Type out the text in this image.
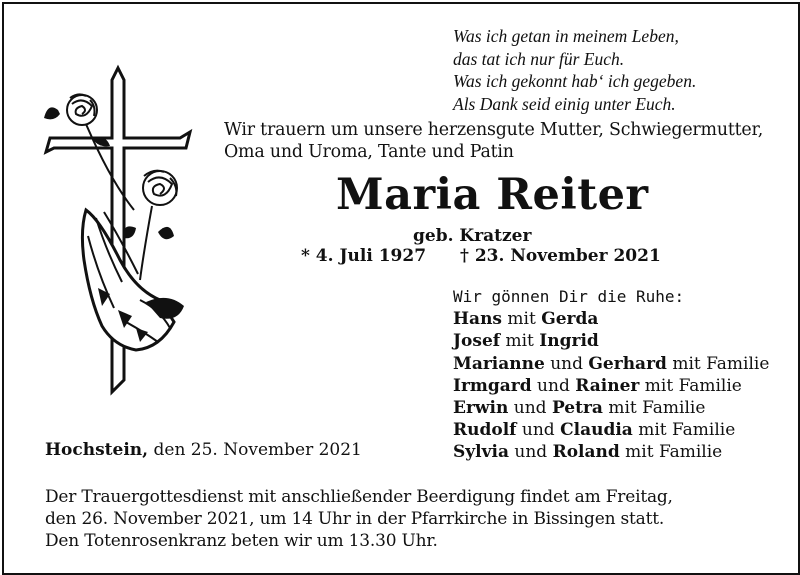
Was ich getan in meinem Leben,
das tat ich nur für Euch.
Was ich gekonnt hab‘ ich gegeben.
Als Dank seid einig unter Euch.
Wir trauern um unsere herzensgute Mutter, Schwiegermutter,
Oma und Uroma, Tante und Patin
Maria Reiter
geb. Kratzer
* 4. Juli 1927 † 23. November 2021
Wir gönnen Dir die Ruhe:
Hans mit Gerda
Josef mit Ingrid
Marianne und Gerhard mit Familie
Irmgard und Rainer mit Familie
Erwin und Petra mit Familie
Rudolf und Claudia mit Familie
Sylvia und Roland mit Familie
Hochstein, den 25. November 2021
Der Trauergottesdienst mit anschließender Beerdigung findet am Freitag,
den 26. November 2021, um 14 Uhr in der Pfarrkirche in Bissingen statt.
Den Totenrosenkranz beten wir um 13.30 Uhr.
